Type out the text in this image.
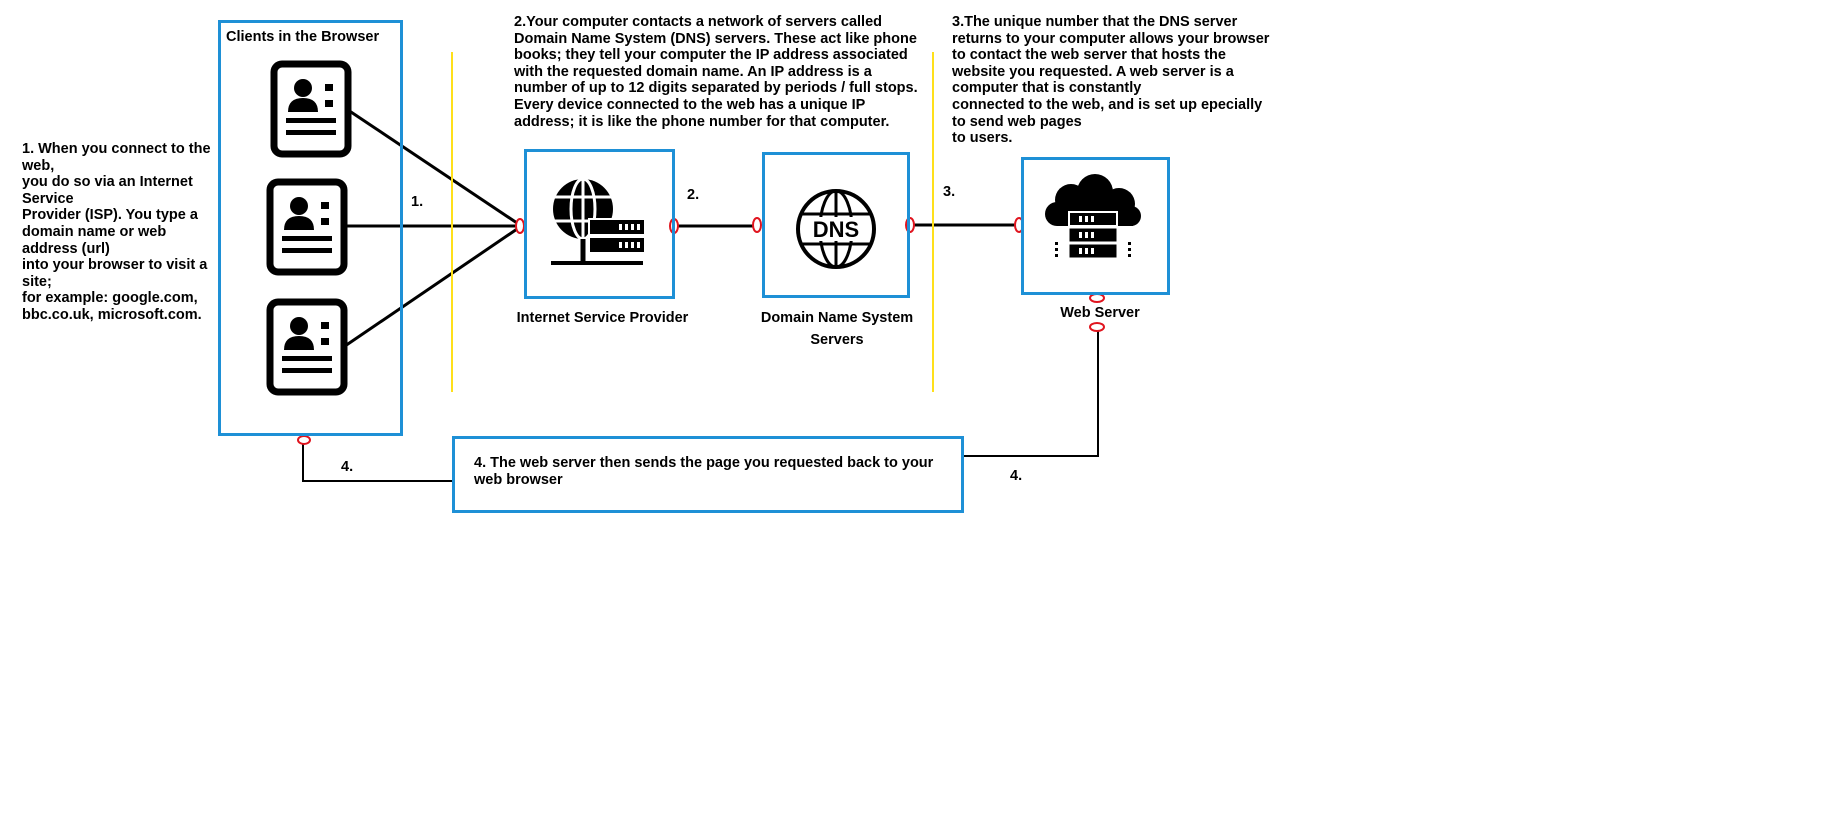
1. When you connect to the web,
you do so via an Internet Service
Provider (ISP). You type a domain name or web address (url)
into your browser to visit a site;
for example: google.com, bbc.co.uk, microsoft.com.

Clients in the Browser
1.	2.	3.
4.
4.

2.Your computer contacts a network of servers called Domain Name System (DNS) servers. These act like phone books; they tell your computer the IP address associated with the requested domain name. An IP address is a number of up to 12 digits separated by periods / full stops. Every device connected to the web has a unique IP address; it is like the phone number for that computer.

Internet Service Provider
DNS
Domain Name System
Servers

3.The unique number that the DNS server returns to your computer allows your browser to contact the web server that hosts the website you requested. A web server is a computer that is constantly
connected to the web, and is set up epecially to send web pages
to users.

Web Server

4. The web server then sends the page you requested back to your
web browser
